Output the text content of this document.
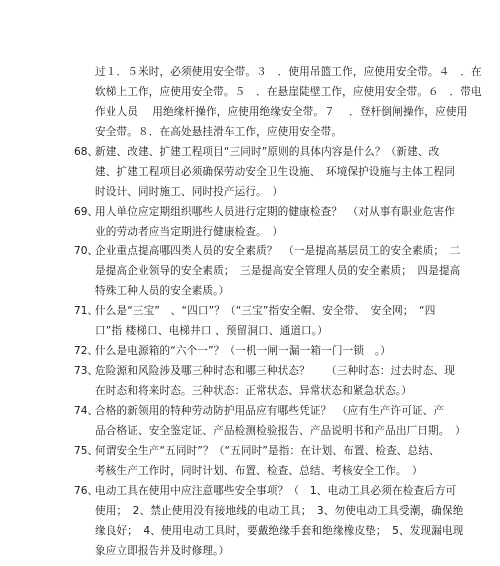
过１．５米时，必须使用安全带。３　．使用吊篮工作，应使用安全带。４　．在
软梯上工作，应使用安全带。５　．在悬崖陡壁工作，应使用安全带。６　．带电
作业人员　 用绝缘杆操作，应使用绝缘安全带。７　 ．登杆倒闸操作，应使用
安全带。８．在高处悬挂滑车工作，应使用安全带。
68、
新建、改建、扩建工程项目“三同时”原则的具体内容是什么？（新建、改
建、扩建工程项目必须确保劳动安全卫生设施、　环境保护设施与主体工程同
时设计、同时施工、同时投产运行。　）
69、
用人单位应定期组织哪些人员进行定期的健康检查？　（对从事有职业危害作
业的劳动者应当定期进行健康检查。　）
70、
企业重点提高哪四类人员的安全素质？　（一是提高基层员工的安全素质；　二
是提高企业领导的安全素质；　三是提高安全管理人员的安全素质；　四是提高
特殊工种人员的安全素质。）
71、
什么是“三宝”　、“四口”？（“三宝”指安全帽、安全带、　安全网；　“四
口”指 楼梯口、电梯井口 、预留洞口、通道口。）
72、
什么是电源箱的“六个一”？（一机一闸一漏一箱一门一锁　。）
73、
危险源和风险涉及哪三种时态和哪三种状态？　　（三种时态：过去时态、现
在时态和将来时态。三种状态：正常状态、异常状态和紧急状态。）
74、
合格的新领用的特种劳动防护用品应有哪些凭证？　（应有生产许可证、产
品合格证、安全鉴定证、产品检测检验报告、产品说明书和产品出厂日期。　）
75、
何谓安全生产“五同时”？（“五同时”是指：在计划、布置、检查、总结、
考核生产工作时，同时计划、布置、检查、总结、考核安全工作。　）
76、
电动工具在使用中应注意哪些安全事项？（　1、电动工具必须在检查后方可
使用；　2、禁止使用没有接地线的电动工具；　3、勿使电动工具受潮，确保绝
缘良好；　4、使用电动工具时，要戴绝缘手套和绝缘橡皮垫；　5、发现漏电现
象应立即报告并及时修理。）
